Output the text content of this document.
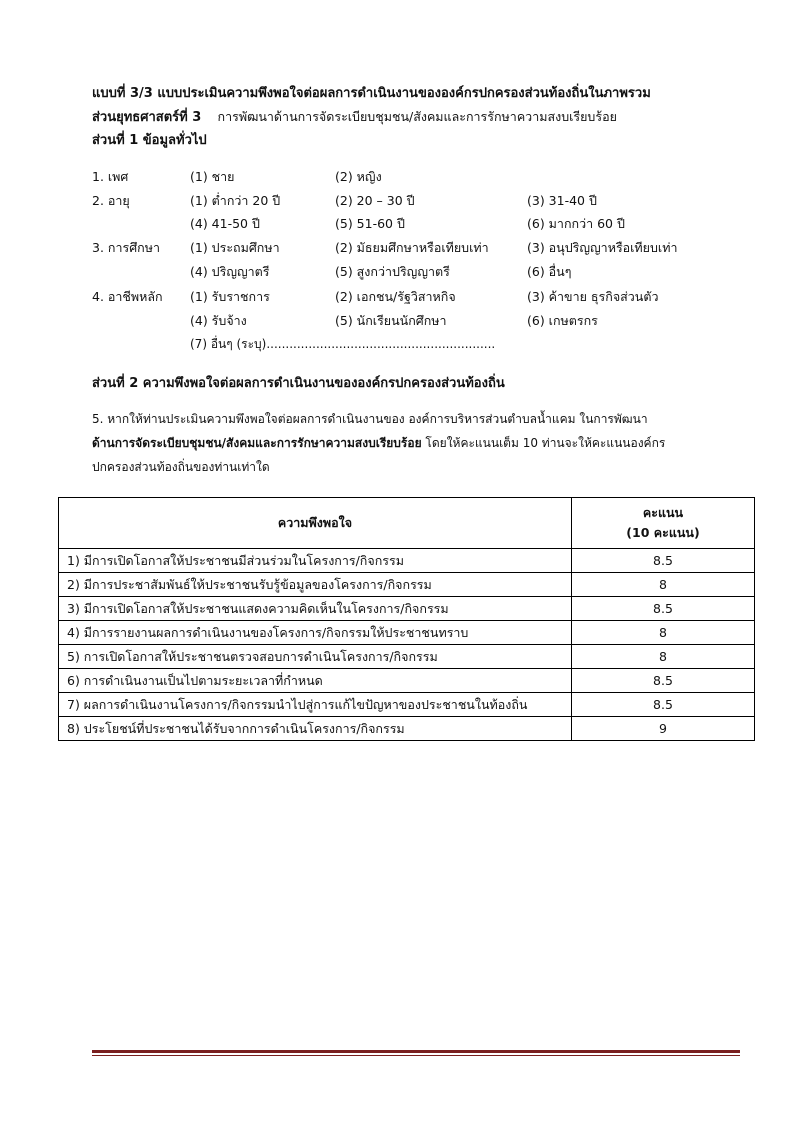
แบบที่ 3/3 แบบประเมินความพึงพอใจต่อผลการดำเนินงานขององค์กรปกครองส่วนท้องถิ่นในภาพรวม
ส่วนยุทธศาสตร์ที่ 3 การพัฒนาด้านการจัดระเบียบชุมชน/สังคมและการรักษาความสงบเรียบร้อย
ส่วนที่ 1 ข้อมูลทั่วไป
1. เพศ	(1) ชาย	(2) หญิง
2. อายุ	(1) ต่ำกว่า 20 ปี	(2) 20 – 30 ปี	(3) 31-40 ปี
(4) 41-50 ปี	(5) 51-60 ปี	(6) มากกว่า 60 ปี
3. การศึกษา (1) ประถมศึกษา	(2) มัธยมศึกษาหรือเทียบเท่า	(3) อนุปริญญาหรือเทียบเท่า
(4) ปริญญาตรี	(5) สูงกว่าปริญญาตรี	(6) อื่นๆ
4. อาชีพหลัก (1) รับราชการ	(2) เอกชน/รัฐวิสาหกิจ	(3) ค้าขาย ธุรกิจส่วนตัว
(4) รับจ้าง	(5) นักเรียนนักศึกษา	(6) เกษตรกร
(7) อื่นๆ (ระบุ)............................................................
ส่วนที่ 2 ความพึงพอใจต่อผลการดำเนินงานขององค์กรปกครองส่วนท้องถิ่น
5. หากให้ท่านประเมินความพึงพอใจต่อผลการดำเนินงานของ องค์การบริหารส่วนตำบลน้ำแคม ในการพัฒนา
ด้านการจัดระเบียบชุมชน/สังคมและการรักษาความสงบเรียบร้อย โดยให้คะแนนเต็ม 10 ท่านจะให้คะแนนองค์กร
ปกครองส่วนท้องถิ่นของท่านเท่าใด
ความพึงพอใจ	คะแนน
(10 คะแนน)

1) มีการเปิดโอกาสให้ประชาชนมีส่วนร่วมในโครงการ/กิจกรรม	8.5
2) มีการประชาสัมพันธ์ให้ประชาชนรับรู้ข้อมูลของโครงการ/กิจกรรม	8
3) มีการเปิดโอกาสให้ประชาชนแสดงความคิดเห็นในโครงการ/กิจกรรม	8.5
4) มีการรายงานผลการดำเนินงานของโครงการ/กิจกรรมให้ประชาชนทราบ	8
5) การเปิดโอกาสให้ประชาชนตรวจสอบการดำเนินโครงการ/กิจกรรม	8
6) การดำเนินงานเป็นไปตามระยะเวลาที่กำหนด	8.5
7) ผลการดำเนินงานโครงการ/กิจกรรมนำไปสู่การแก้ไขปัญหาของประชาชนในท้องถิ่น	8.5
8) ประโยชน์ที่ประชาชนได้รับจากการดำเนินโครงการ/กิจกรรม	9
